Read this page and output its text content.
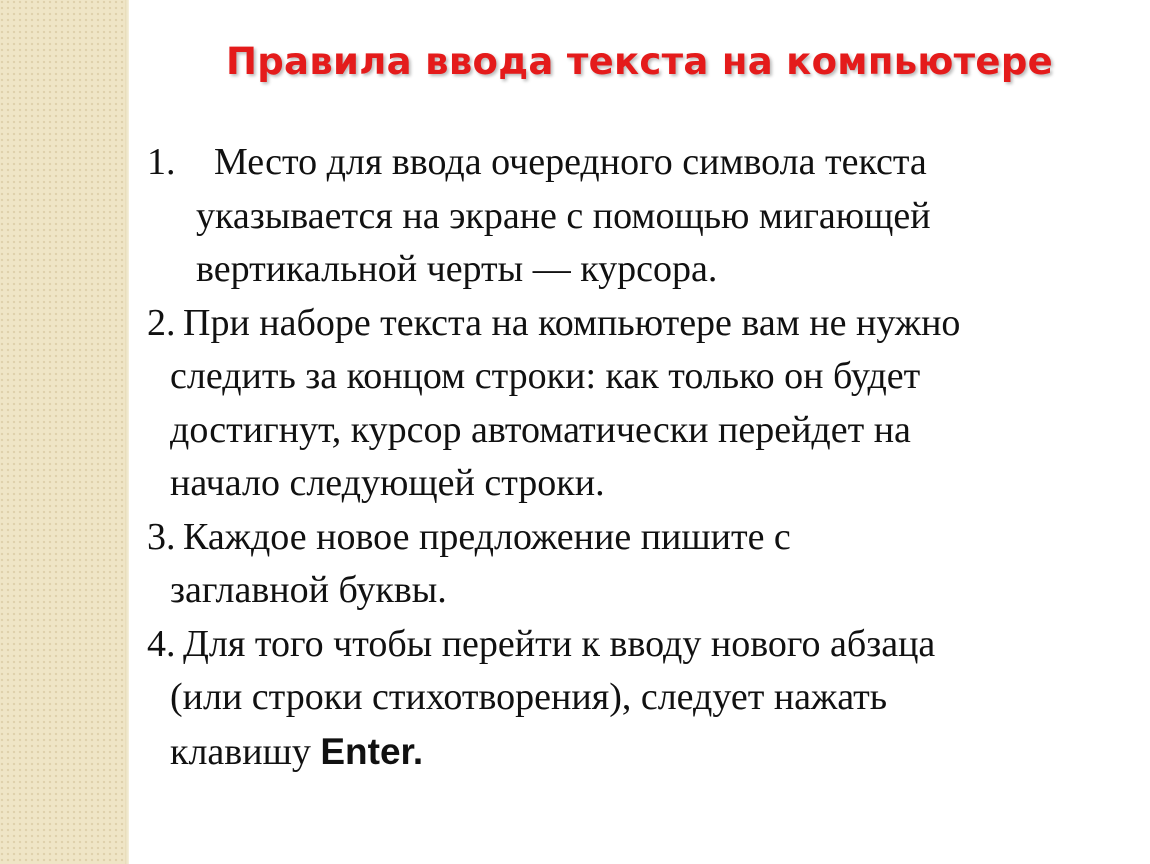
Правила ввода текста на компьютере
1.	Место для ввода очередного символа текста
указывается на экране с помощью мигающей
вертикальной черты — курсора.
2. При наборе текста на компьютере вам не нужно
следить за концом строки: как только он будет
достигнут, курсор автоматически перейдет на
начало следующей строки.
3. Каждое новое предложение пишите с
заглавной буквы.
4. Для того чтобы перейти к вводу нового абзаца
(или строки стихотворения), следует нажать
клавишу Enter.
